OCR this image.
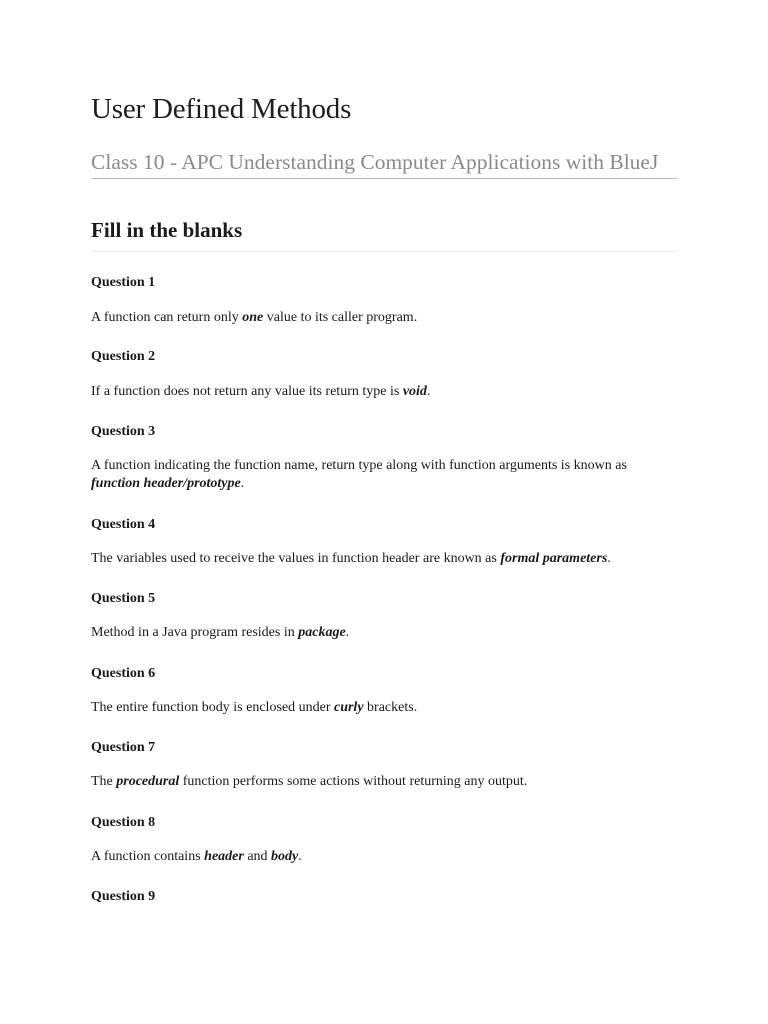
User Defined Methods
Class 10 - APC Understanding Computer Applications with BlueJ
Fill in the blanks

Question 1

A function can return only one value to its caller program.

Question 2

If a function does not return any value its return type is void.

Question 3

A function indicating the function name, return type along with function arguments is known as function header/prototype.

Question 4

The variables used to receive the values in function header are known as formal parameters.

Question 5

Method in a Java program resides in package.

Question 6

The entire function body is enclosed under curly brackets.

Question 7

The procedural function performs some actions without returning any output.

Question 8

A function contains header and body.

Question 9
